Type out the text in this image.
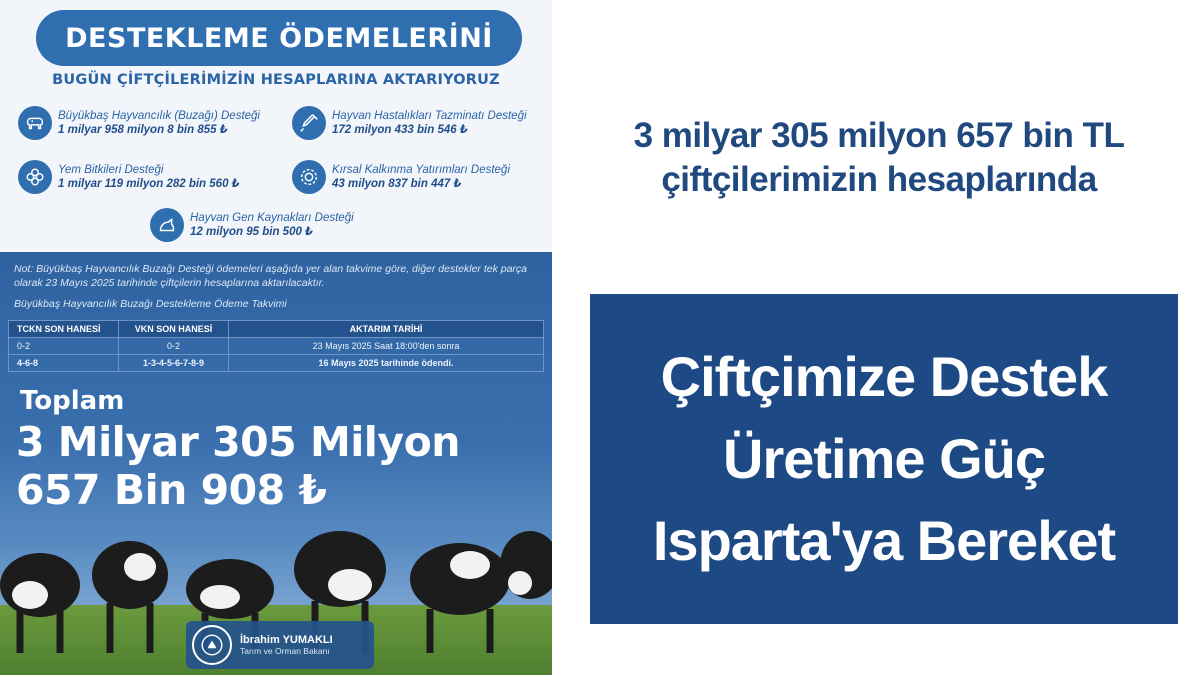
DESTEKLEME ÖDEMELERİNİ
BUGÜN ÇİFTÇİLERİMİZİN HESAPLARINA AKTARIYORUZ
Büyükbaş Hayvancılık (Buzağı) Desteği
1 milyar 958 milyon 8 bin 855 ₺
Hayvan Hastalıkları Tazminatı Desteği
172 milyon 433 bin 546 ₺
Yem Bitkileri Desteği
1 milyar 119 milyon 282 bin 560 ₺
Kırsal Kalkınma Yatırımları Desteği
43 milyon 837 bin 447 ₺
Hayvan Gen Kaynakları Desteği
12 milyon 95 bin 500 ₺
Not: Büyükbaş Hayvancılık Buzağı Desteği ödemeleri aşağıda yer alan takvime göre, diğer destekler tek parça olarak 23 Mayıs 2025 tarihinde çiftçilerin hesaplarına aktarılacaktır.
Büyükbaş Hayvancılık Buzağı Destekleme Ödeme Takvimi
TCKN SON HANESİ	VKN SON HANESİ	AKTARIM TARİHİ
0-2	0-2	23 Mayıs 2025 Saat 18:00'den sonra
4-6-8	1-3-4-5-6-7-8-9	16 Mayıs 2025 tarihinde ödendi.
Toplam
3 Milyar 305 Milyon
657 Bin 908 ₺
İbrahim YUMAKLI
Tarım ve Orman Bakanı
3 milyar 305 milyon 657 bin TL
çiftçilerimizin hesaplarında
Çiftçimize Destek
Üretime Güç
Isparta'ya Bereket
